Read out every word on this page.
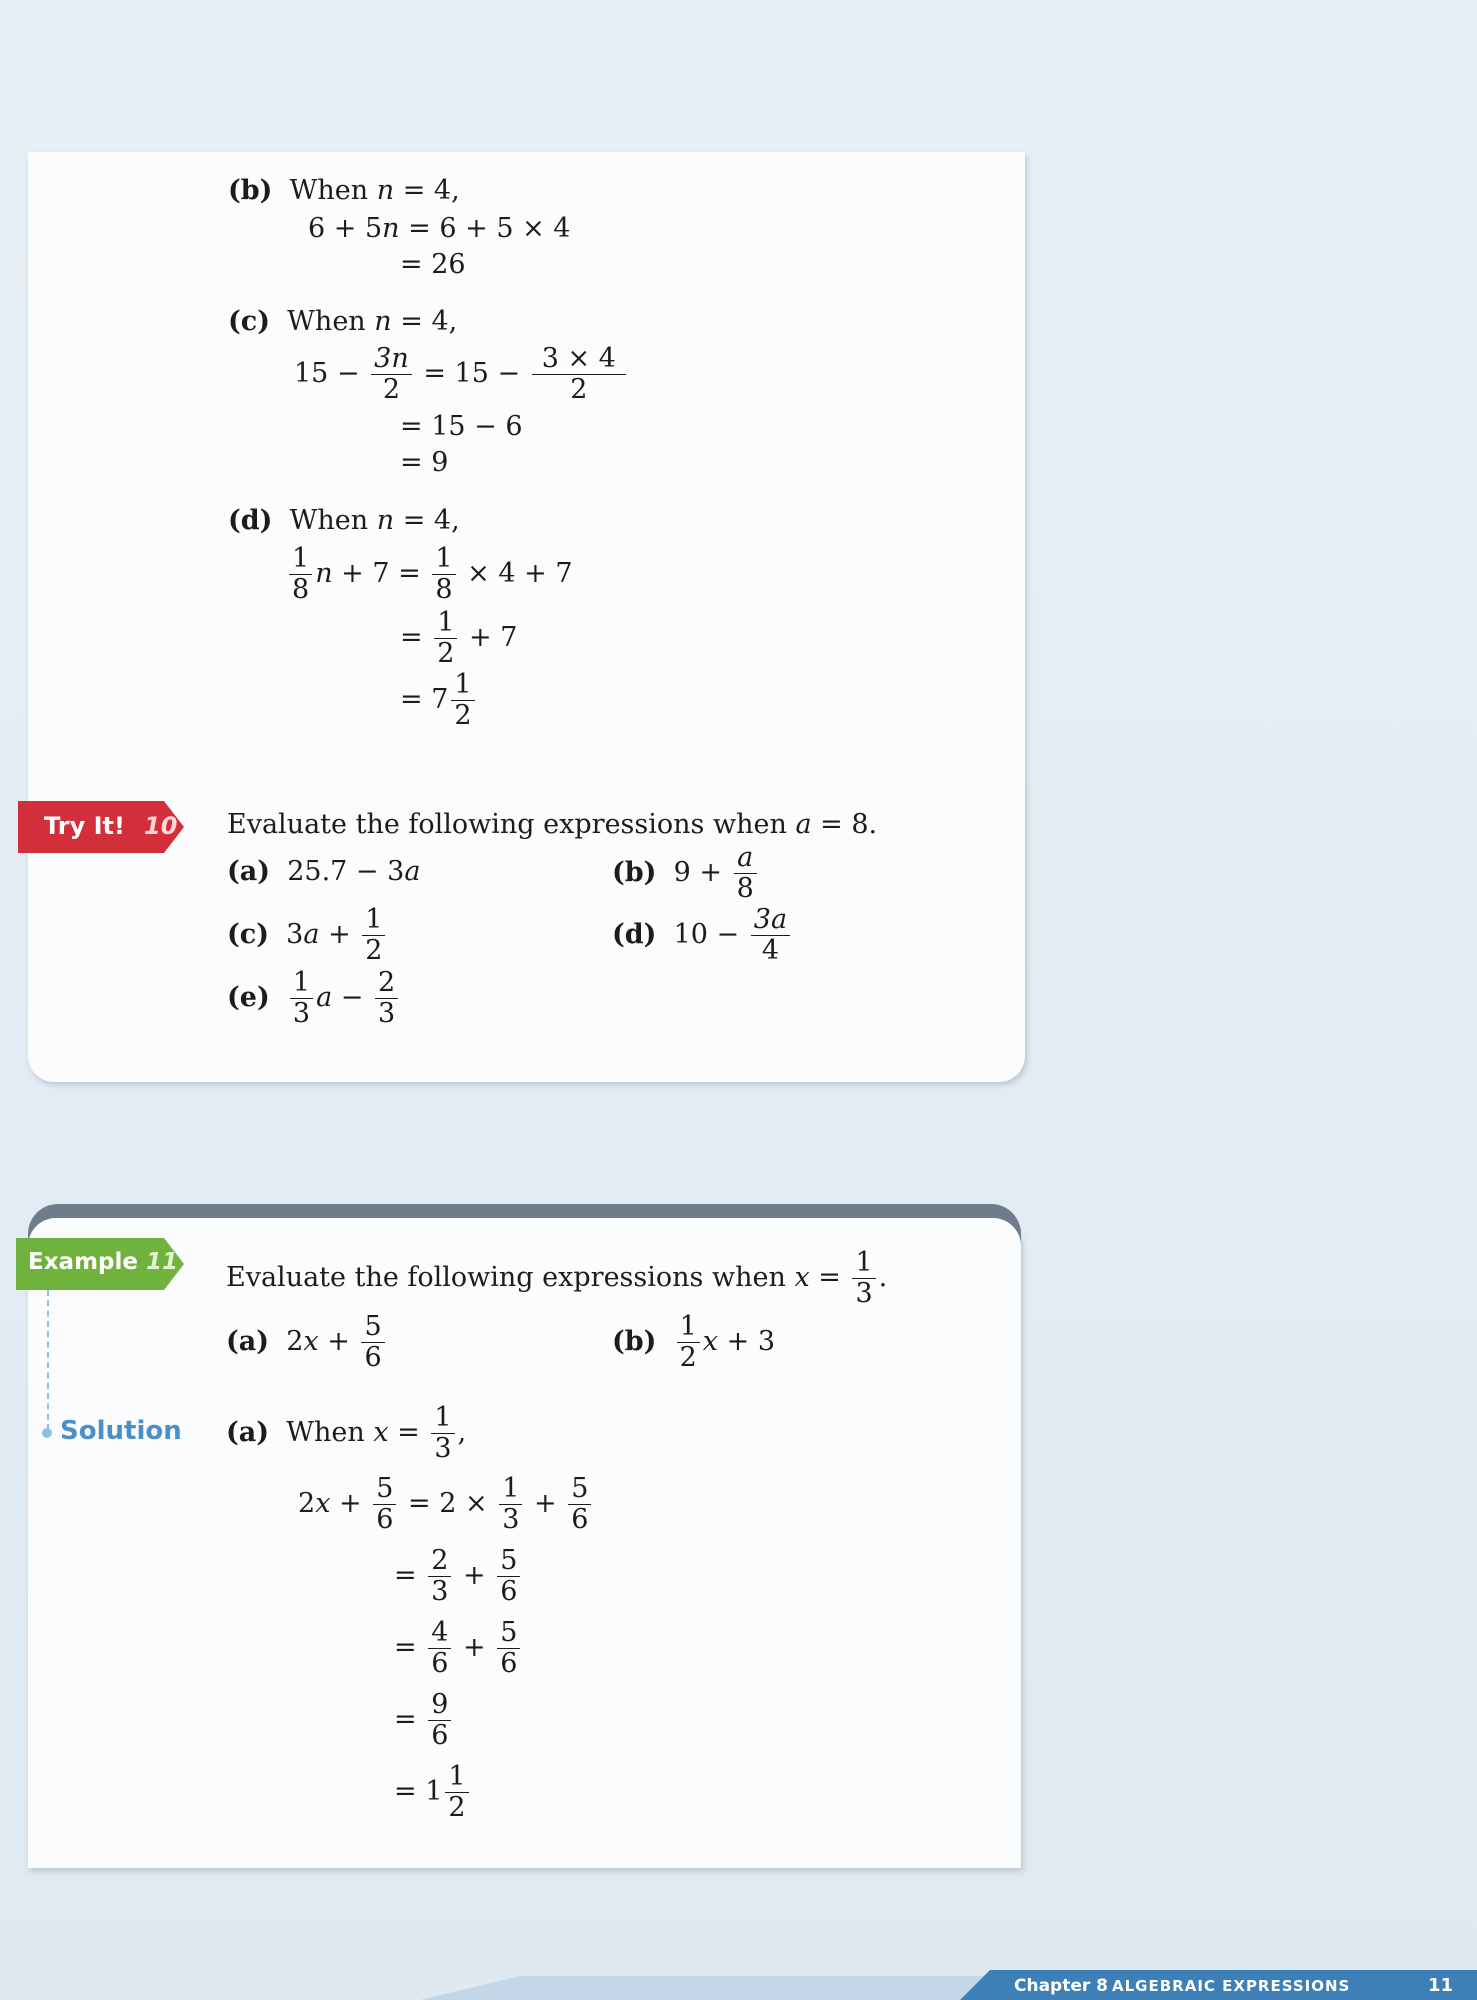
(b) When n = 4,
6 + 5n = 6 + 5 × 4
= 26
(c) When n = 4,
$15 - \frac{3n}{2} = 15 - \frac{3 \times 4}{2}$
= 15 − 6
= 9
(d) When n = 4,
$\frac{1}{8}$ $n + 7 = \frac{1}{8} \times 4 + 7$
= $\frac{1}{2} + 7$
= $7 \frac{1}{2}$
Try It! 10 Evaluate the following expressions when a = 8.
(a) 25.7 − 3a	(b) $9 + \frac{a}{8}$
(c) $3a + \frac{1}{2}$	(d) $10 - \frac{3a}{4}$
$(e) \frac{1}{3}$ $a - \frac{2}{3}$
Example 11 Evaluate the following expressions when $x = \frac{1}{3}$ .
(a) $2x + \frac{5}{6}$	$(b) \frac{1}{2}$ x + 3
Solution (a) When $x = \frac{1}{3}$ ,
$2x + \frac{5}{6} = 2 \times \frac{1}{3} + \frac{5}{6}$
= $\frac{2}{3} + \frac{5}{6}$
= $\frac{4}{6} + \frac{5}{6}$
= $\frac{9}{6}$
= $1 \frac{1}{2}$
Chapter 8 ALGEBRAIC EXPRESSIONS	11
